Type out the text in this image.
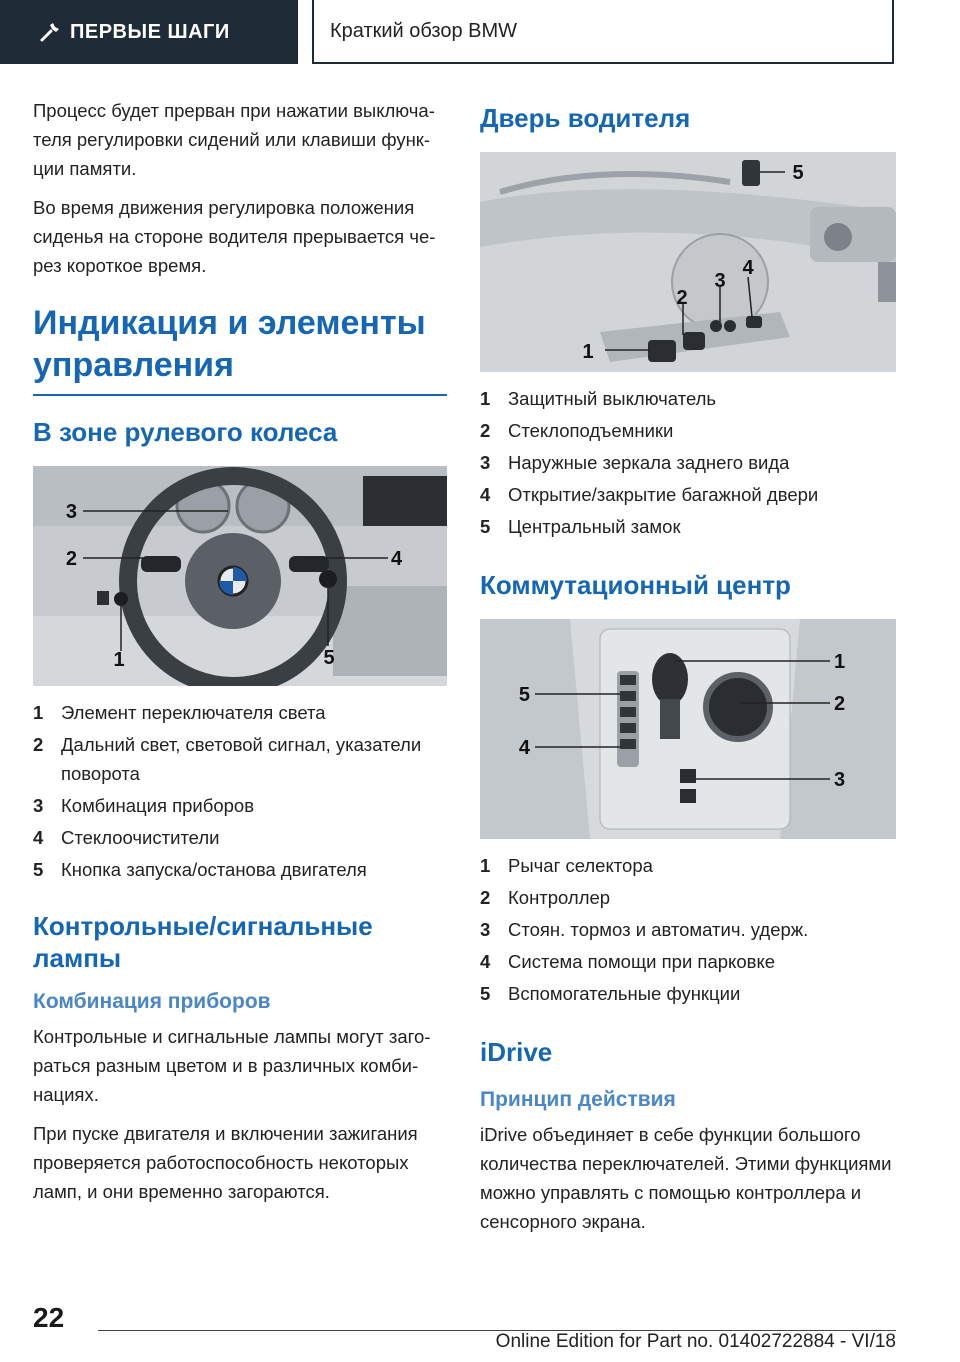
ПЕРВЫЕ ШАГИ	Краткий обзор BMW

Процесс будет прерван при нажатии выключателя регулировки сидений или клавиши функции памяти.

Во время движения регулировка положения сиденья на стороне водителя прерывается через короткое время.

Индикация и элементы управления
В зоне рулевого колеса
3
2
1
4
5
1 Элемент переключателя света
2 Дальний свет, световой сигнал, указатели поворота
3 Комбинация приборов
4 Стеклоочистители
5 Кнопка запуска/останова двигателя
Контрольные/сигнальные лампы
Комбинация приборов

Контрольные и сигнальные лампы могут загораться разным цветом и в различных комбинациях.

При пуске двигателя и включении зажигания проверяется работоспособность некоторых ламп, и они временно загораются.

Дверь водителя
1
2
3
4
5
1 Защитный выключатель
2 Стеклоподъемники
3 Наружные зеркала заднего вида
4 Открытие/закрытие багажной двери
5 Центральный замок
Коммутационный центр
5
4
1
2
3
1 Рычаг селектора
2 Контроллер
3 Стоян. тормоз и автоматич. удерж.
4 Система помощи при парковке
5 Вспомогательные функции
iDrive
Принцип действия

iDrive объединяет в себе функции большого количества переключателей. Этими функциями можно управлять с помощью контроллера и сенсорного экрана.

22
Online Edition for Part no. 01402722884 - VI/18
